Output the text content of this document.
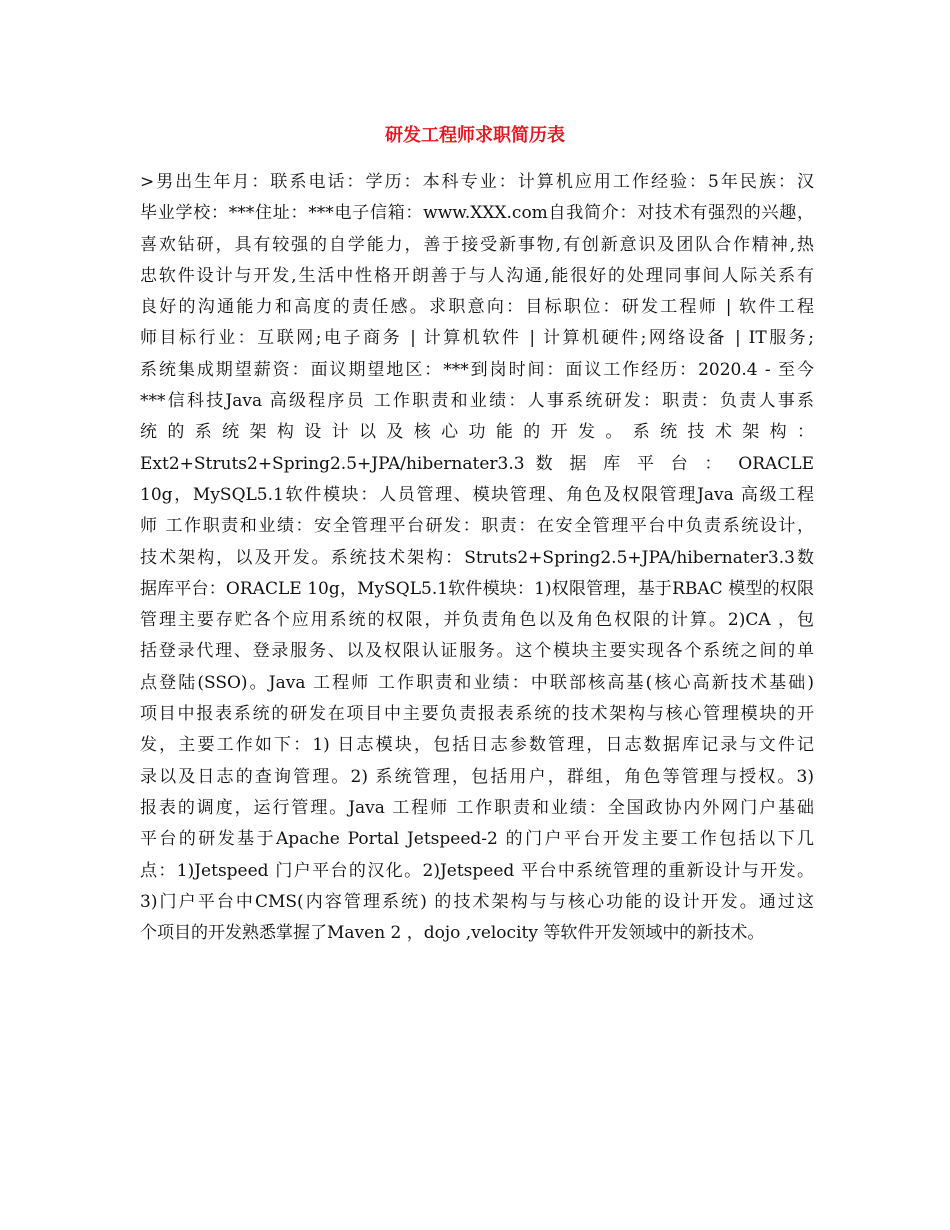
研发工程师求职简历表
>男出生年月：联系电话：学历：本科专业：计算机应用工作经验：5年民族：汉
毕业学校：***住址：***电子信箱：www.XXX.com自我简介：对技术有强烈的兴趣，
喜欢钻研，具有较强的自学能力，善于接受新事物,有创新意识及团队合作精神,热
忠软件设计与开发,生活中性格开朗善于与人沟通,能很好的处理同事间人际关系有
良好的沟通能力和高度的责任感。求职意向：目标职位：研发工程师 | 软件工程
师目标行业：互联网;电子商务 | 计算机软件 | 计算机硬件;网络设备 | IT服务;
系统集成期望薪资：面议期望地区：***到岗时间：面议工作经历：2020.4 - 至今
***信科技Java 高级程序员 工作职责和业绩：人事系统研发：职责：负责人事系
统 的 系 统 架 构 设 计 以 及 核 心 功 能 的 开 发 。 系 统 技 术 架 构 ：
Ext2+Struts2+Spring2.5+JPA/hibernater3.3 数 据 库 平 台 ： ORACLE
10g，MySQL5.1软件模块：人员管理、模块管理、角色及权限管理Java 高级工程
师 工作职责和业绩：安全管理平台研发：职责：在安全管理平台中负责系统设计，
技术架构，以及开发。系统技术架构：Struts2+Spring2.5+JPA/hibernater3.3数
据库平台：ORACLE 10g，MySQL5.1软件模块：1)权限管理，基于RBAC 模型的权限
管理主要存贮各个应用系统的权限，并负责角色以及角色权限的计算。2)CA ，包
括登录代理、登录服务、以及权限认证服务。这个模块主要实现各个系统之间的单
点登陆(SSO)。Java 工程师 工作职责和业绩：中联部核高基(核心高新技术基础)
项目中报表系统的研发在项目中主要负责报表系统的技术架构与核心管理模块的开
发，主要工作如下：1) 日志模块，包括日志参数管理，日志数据库记录与文件记
录以及日志的查询管理。2) 系统管理，包括用户，群组，角色等管理与授权。3)
报表的调度，运行管理。Java 工程师 工作职责和业绩：全国政协内外网门户基础
平台的研发基于Apache Portal Jetspeed-2 的门户平台开发主要工作包括以下几
点：1)Jetspeed 门户平台的汉化。2)Jetspeed 平台中系统管理的重新设计与开发。
3)门户平台中CMS(内容管理系统) 的技术架构与与核心功能的设计开发。通过这
个项目的开发熟悉掌握了Maven 2 ，dojo ,velocity 等软件开发领域中的新技术。
